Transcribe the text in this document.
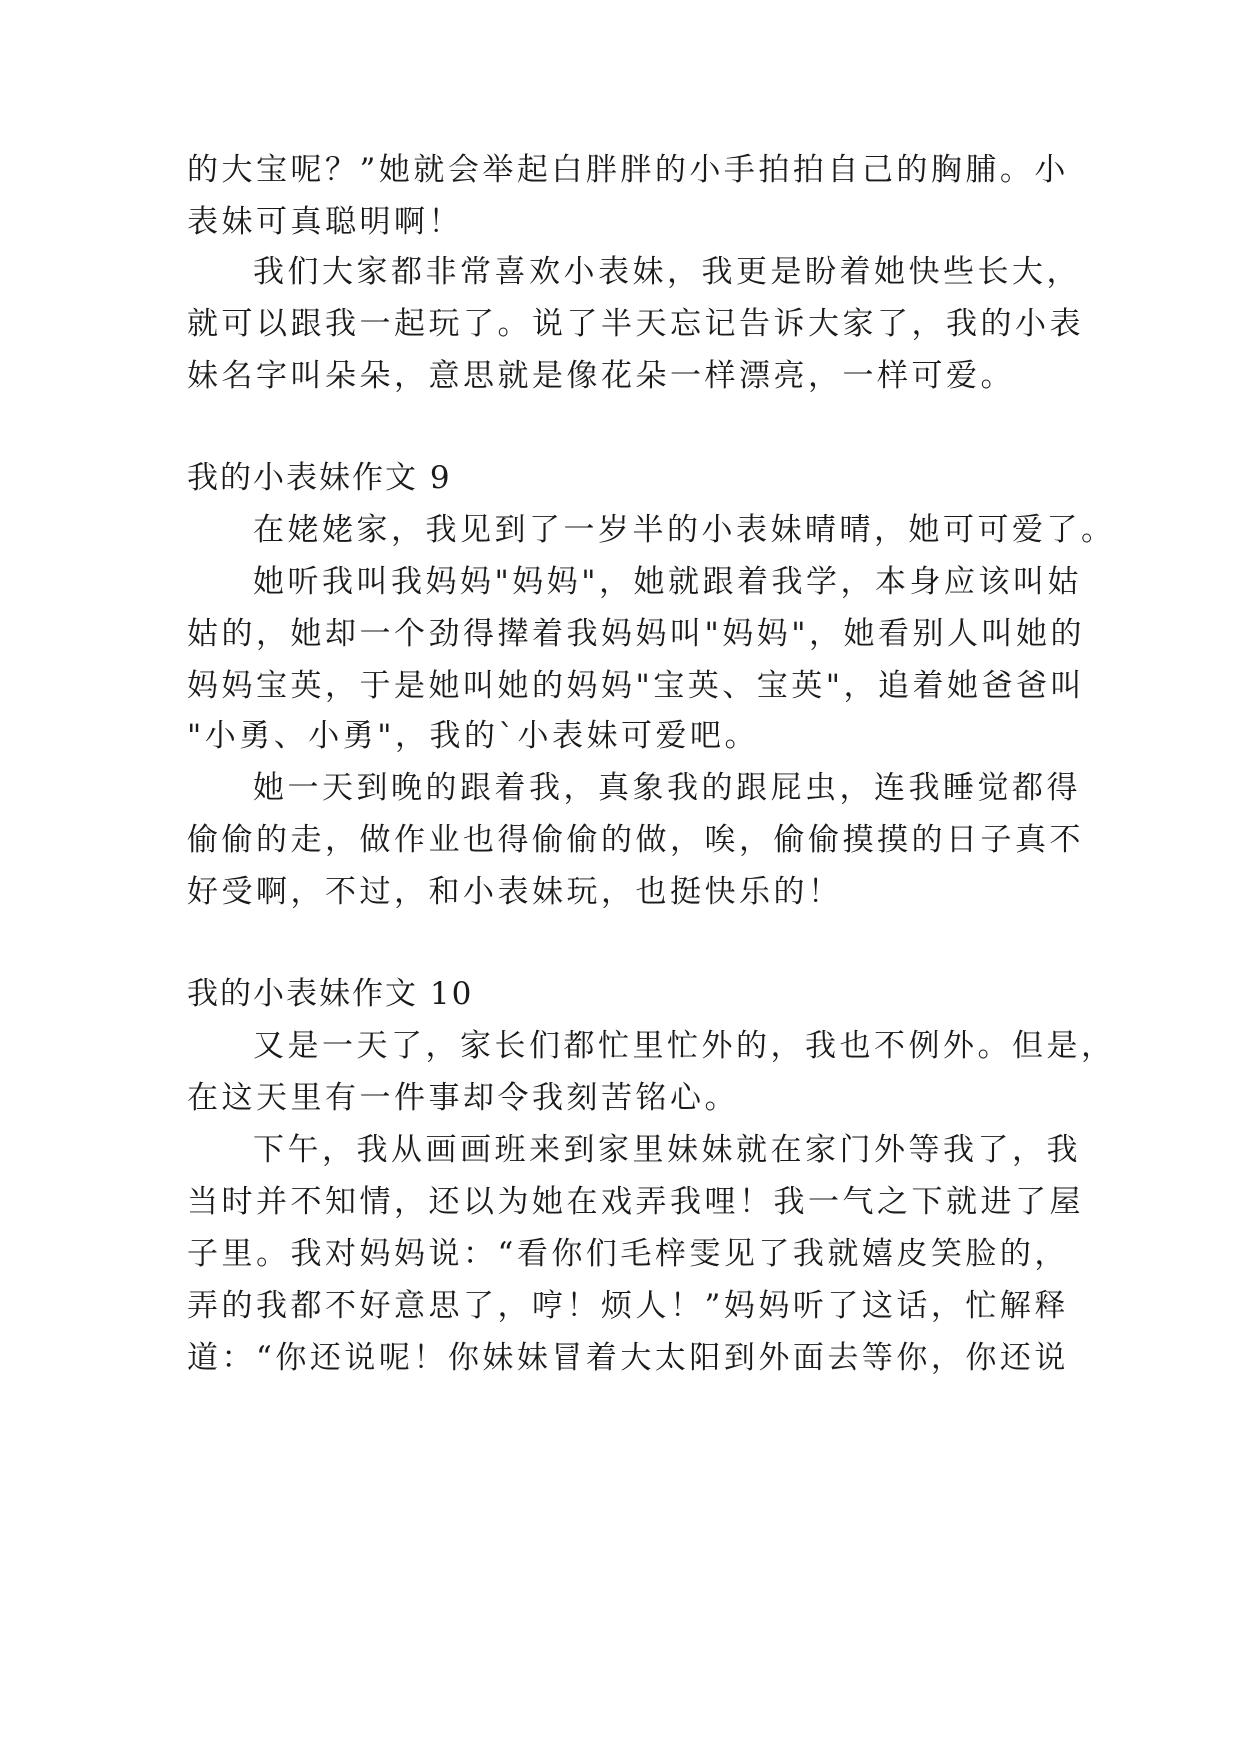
的大宝呢？”她就会举起白胖胖的小手拍拍自己的胸脯。小
表妹可真聪明啊！
我们大家都非常喜欢小表妹，我更是盼着她快些长大，
就可以跟我一起玩了。说了半天忘记告诉大家了，我的小表
妹名字叫朵朵，意思就是像花朵一样漂亮，一样可爱。
我的小表妹作文 9
在姥姥家，我见到了一岁半的小表妹晴晴，她可可爱了。
她听我叫我妈妈"妈妈"，她就跟着我学，本身应该叫姑
姑的，她却一个劲得撵着我妈妈叫"妈妈"，她看别人叫她的
妈妈宝英，于是她叫她的妈妈"宝英、宝英"，追着她爸爸叫
"小勇、小勇"，我的`小表妹可爱吧。
她一天到晚的跟着我，真象我的跟屁虫，连我睡觉都得
偷偷的走，做作业也得偷偷的做，唉，偷偷摸摸的日子真不
好受啊，不过，和小表妹玩，也挺快乐的！
我的小表妹作文 10
又是一天了，家长们都忙里忙外的，我也不例外。但是，
在这天里有一件事却令我刻苦铭心。
下午，我从画画班来到家里妹妹就在家门外等我了，我
当时并不知情，还以为她在戏弄我哩！我一气之下就进了屋
子里。我对妈妈说：“看你们毛梓雯见了我就嬉皮笑脸的，
弄的我都不好意思了，哼！烦人！”妈妈听了这话，忙解释
道：“你还说呢！你妹妹冒着大太阳到外面去等你，你还说
